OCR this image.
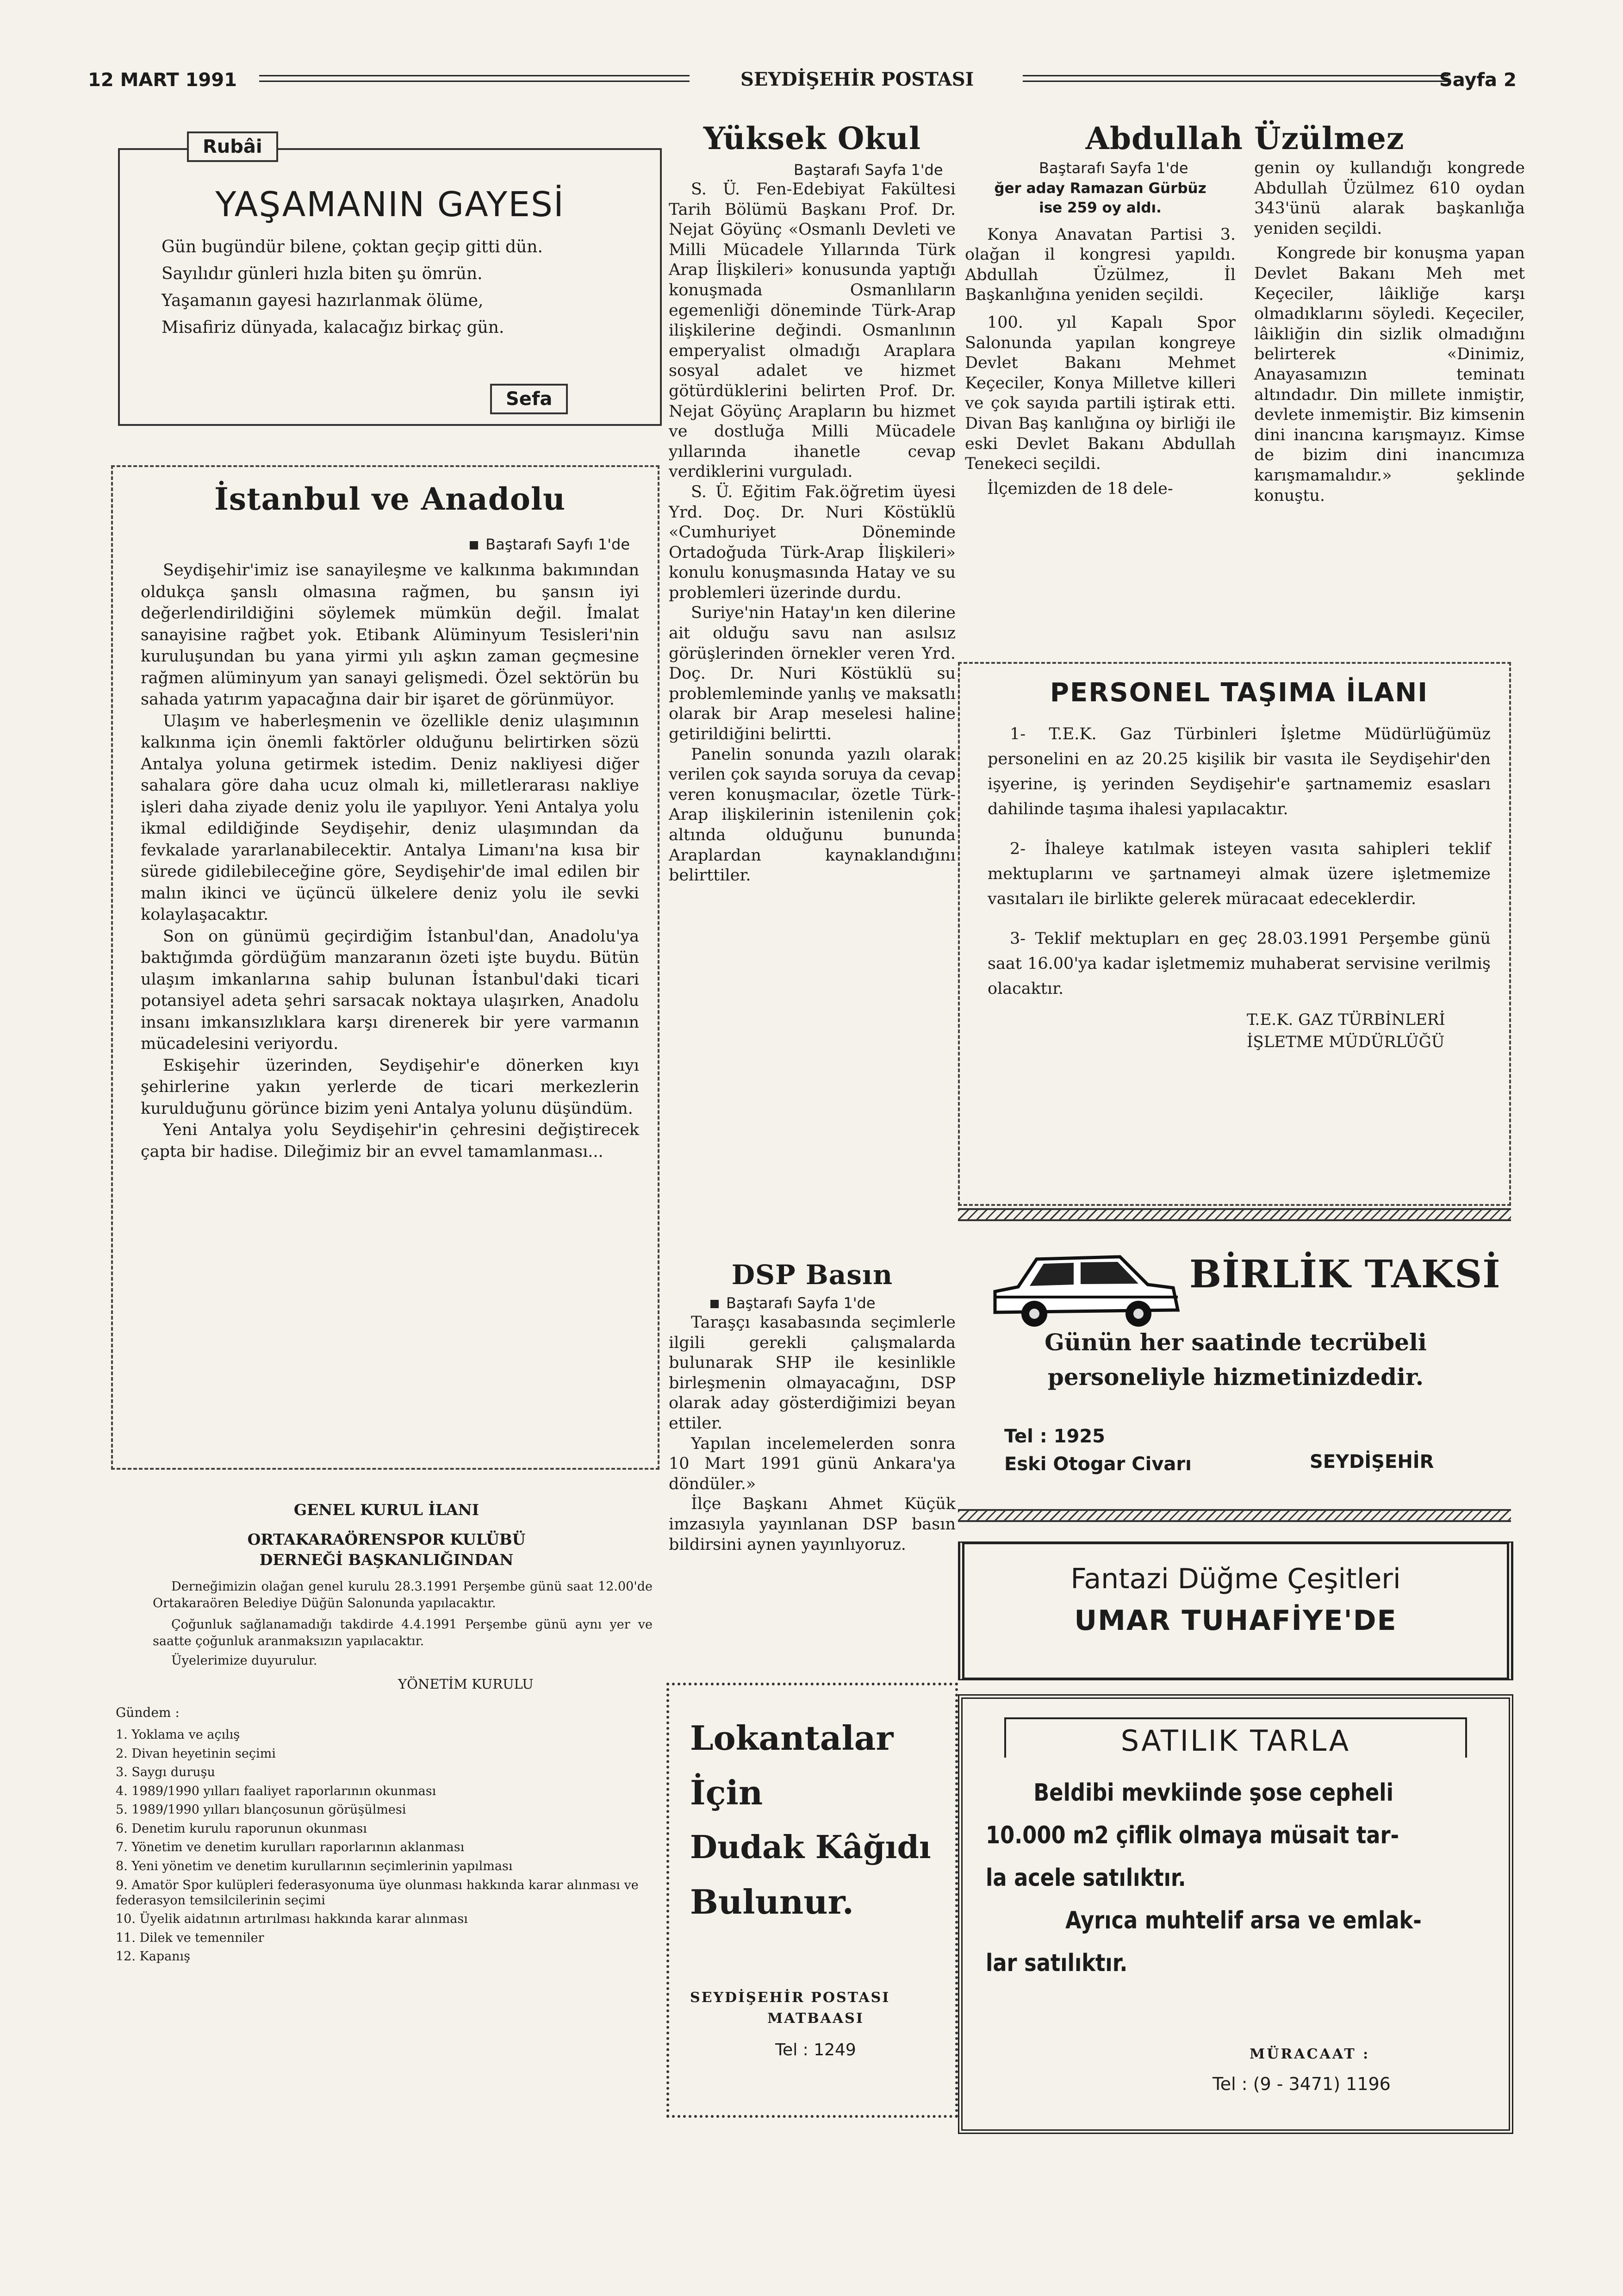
12 MART 1991	SEYDİŞEHİR POSTASI	Sayfa 2
Rubâi
YAŞAMANIN GAYESİ

Gün bugündür bilene, çoktan geçip gitti dün.

Sayılıdır günleri hızla biten şu ömrün.

Yaşamanın gayesi hazırlanmak ölüme,

Misafiriz dünyada, kalacağız birkaç gün.

Sefa
İstanbul ve Anadolu
Baştarafı Sayfı 1'de

Seydişehir'imiz ise sanayileşme ve kalkınma bakımından oldukça şanslı olmasına rağmen, bu şansın iyi değerlendirildiğini söylemek mümkün değil. İmalat sanayisine rağbet yok. Etibank Alüminyum Tesisleri'nin kuruluşundan bu yana yirmi yılı aşkın zaman geçmesine rağmen alüminyum yan sanayi gelişmedi. Özel sektörün bu sahada yatırım yapacağına dair bir işaret de görünmüyor.

Ulaşım ve haberleşmenin ve özellikle deniz ulaşımının kalkınma için önemli faktörler olduğunu belirtirken sözü Antalya yoluna getirmek istedim. Deniz nakliyesi diğer sahalara göre daha ucuz olmalı ki, milletlerarası nakliye işleri daha ziyade deniz yolu ile yapılıyor. Yeni Antalya yolu ikmal edildiğinde Seydişehir, deniz ulaşımından da fevkalade yararlanabilecektir. Antalya Limanı'na kısa bir sürede gidilebileceğine göre, Seydişehir'de imal edilen bir malın ikinci ve üçüncü ülkelere deniz yolu ile sevki kolaylaşacaktır.

Son on günümü geçirdiğim İstanbul'dan, Anadolu'ya baktığımda gördüğüm manzaranın özeti işte buydu. Bütün ulaşım imkanlarına sahip bulunan İstanbul'daki ticari potansiyel adeta şehri sarsacak noktaya ulaşırken, Anadolu insanı imkansızlıklara karşı direnerek bir yere varmanın mücadelesini veriyordu.

Eskişehir üzerinden, Seydişehir'e dönerken kıyı şehirlerine yakın yerlerde de ticari merkezlerin kurulduğunu görünce bizim yeni Antalya yolunu düşündüm.

Yeni Antalya yolu Seydişehir'in çehresini değiştirecek çapta bir hadise. Dileğimiz bir an evvel tamamlanması...

GENEL KURUL İLANI
ORTAKARAÖRENSPOR KULÜBÜ DERNEĞİ BAŞKANLIĞINDAN

Derneğimizin olağan genel kurulu 28.3.1991 Perşembe günü saat 12.00'de Ortakaraören Belediye Düğün Salonunda yapılacaktır.

Çoğunluk sağlanamadığı takdirde 4.4.1991 Perşembe günü aynı yer ve saatte çoğunluk aranmaksızın yapılacaktır.

Üyelerimize duyurulur.

YÖNETİM KURULU
Gündem :
1. Yoklama ve açılış
2. Divan heyetinin seçimi
3. Saygı duruşu
4. 1989/1990 yılları faaliyet raporlarının okunması
5. 1989/1990 yılları blançosunun görüşülmesi
6. Denetim kurulu raporunun okunması
7. Yönetim ve denetim kurulları raporlarının aklanması
8. Yeni yönetim ve denetim kurullarının seçimlerinin yapılması
9. Amatör Spor kulüpleri federasyonuma üye olunması hakkında karar alınması ve federasyon temsilcilerinin seçimi
10. Üyelik aidatının artırılması hakkında karar alınması
11. Dilek ve temenniler
12. Kapanış
Yüksek Okul
Baştarafı Sayfa 1'de

S. Ü. Fen-Edebiyat Fakültesi Tarih Bölümü Başkanı Prof. Dr. Nejat Göyünç «Osmanlı Devleti ve Milli Mücadele Yıllarında Türk Arap İlişkileri» konusunda yaptığı konuşmada Osmanlıların egemenliği döneminde Türk-Arap ilişkilerine değindi. Osmanlının emperyalist olmadığı Araplara sosyal adalet ve hizmet götürdüklerini belirten Prof. Dr. Nejat Göyünç Arapların bu hizmet ve dostluğa Milli Mücadele yıllarında ihanetle cevap verdiklerini vurguladı.

S. Ü. Eğitim Fak.öğretim üyesi Yrd. Doç. Dr. Nuri Köstüklü «Cumhuriyet Döneminde Ortadoğuda Türk-Arap İlişkileri» konulu konuşmasında Hatay ve su problemleri üzerinde durdu.

Suriye'nin Hatay'ın ken dilerine ait olduğu savu nan asılsız görüşlerinden örnekler veren Yrd. Doç. Dr. Nuri Köstüklü su problemleminde yanlış ve maksatlı olarak bir Arap meselesi haline getirildiğini belirtti.

Panelin sonunda yazılı olarak verilen çok sayıda soruya da cevap veren konuşmacılar, özetle Türk-Arap ilişkilerinin istenilenin çok altında olduğunu bununda Araplardan kaynaklandığını belirttiler.

DSP Basın
Baştarafı Sayfa 1'de

Taraşçı kasabasında seçimlerle ilgili gerekli çalışmalarda bulunarak SHP ile kesinlikle birleşmenin olmayacağını, DSP olarak aday gösterdiğimizi beyan ettiler.

Yapılan incelemelerden sonra 10 Mart 1991 günü Ankara'ya döndüler.»

İlçe Başkanı Ahmet Küçük imzasıyla yayınlanan DSP basın bildirsini aynen yayınlıyoruz.

Lokantalar
İçin
Dudak Kâğıdı
Bulunur.
SEYDİŞEHİR POSTASI
MATBAASI
Tel : 1249
Abdullah Üzülmez
Baştarafı Sayfa 1'de

ğer aday Ramazan Gürbüz ise 259 oy aldı.

Konya Anavatan Partisi 3. olağan il kongresi yapıldı. Abdullah Üzülmez, İl Başkanlığına yeniden seçildi.

100. yıl Kapalı Spor Salonunda yapılan kongreye Devlet Bakanı Mehmet Keçeciler, Konya Milletve killeri ve çok sayıda partili iştirak etti. Divan Baş kanlığına oy birliği ile eski Devlet Bakanı Abdullah Tenekeci seçildi.

İlçemizden de 18 dele-

genin oy kullandığı kongrede Abdullah Üzülmez 610 oydan 343'ünü alarak başkanlığa yeniden seçildi.

Kongrede bir konuşma yapan Devlet Bakanı Meh met Keçeciler, lâikliğe karşı olmadıklarını söyledi. Keçeciler, lâikliğin din sizlik olmadığını belirterek «Dinimiz, Anayasamızın teminatı altındadır. Din millete inmiştir, devlete inmemiştir. Biz kimsenin dini inancına karışmayız. Kimse de bizim dini inancımıza karışmamalıdır.» şeklinde konuştu.

PERSONEL TAŞIMA İLANI

1- T.E.K. Gaz Türbinleri İşletme Müdürlüğümüz personelini en az 20.25 kişilik bir vasıta ile Seydişehir'den işyerine, iş yerinden Seydişehir'e şartnamemiz esasları dahilinde taşıma ihalesi yapılacaktır.

2- İhaleye katılmak isteyen vasıta sahipleri teklif mektuplarını ve şartnameyi almak üzere işletmemize vasıtaları ile birlikte gelerek müracaat edeceklerdir.

3- Teklif mektupları en geç 28.03.1991 Perşembe günü saat 16.00'ya kadar işletmemiz muhaberat servisine verilmiş olacaktır.

T.E.K. GAZ TÜRBİNLERİ
İŞLETME MÜDÜRLÜĞÜ
BİRLİK TAKSİ
Günün her saatinde tecrübeli
personeliyle hizmetinizdedir.
Tel : 1925
Eski Otogar Civarı	SEYDİŞEHİR
Fantazi Düğme Çeşitleri
UMAR TUHAFİYE'DE
SATILIK TARLA
Beldibi mevkiinde şose cepheli
10.000 m2 çiflik olmaya müsait tar-
la acele satılıktır.
Ayrıca muhtelif arsa ve emlak-
lar satılıktır.
MÜRACAAT :
Tel : (9 - 3471) 1196
